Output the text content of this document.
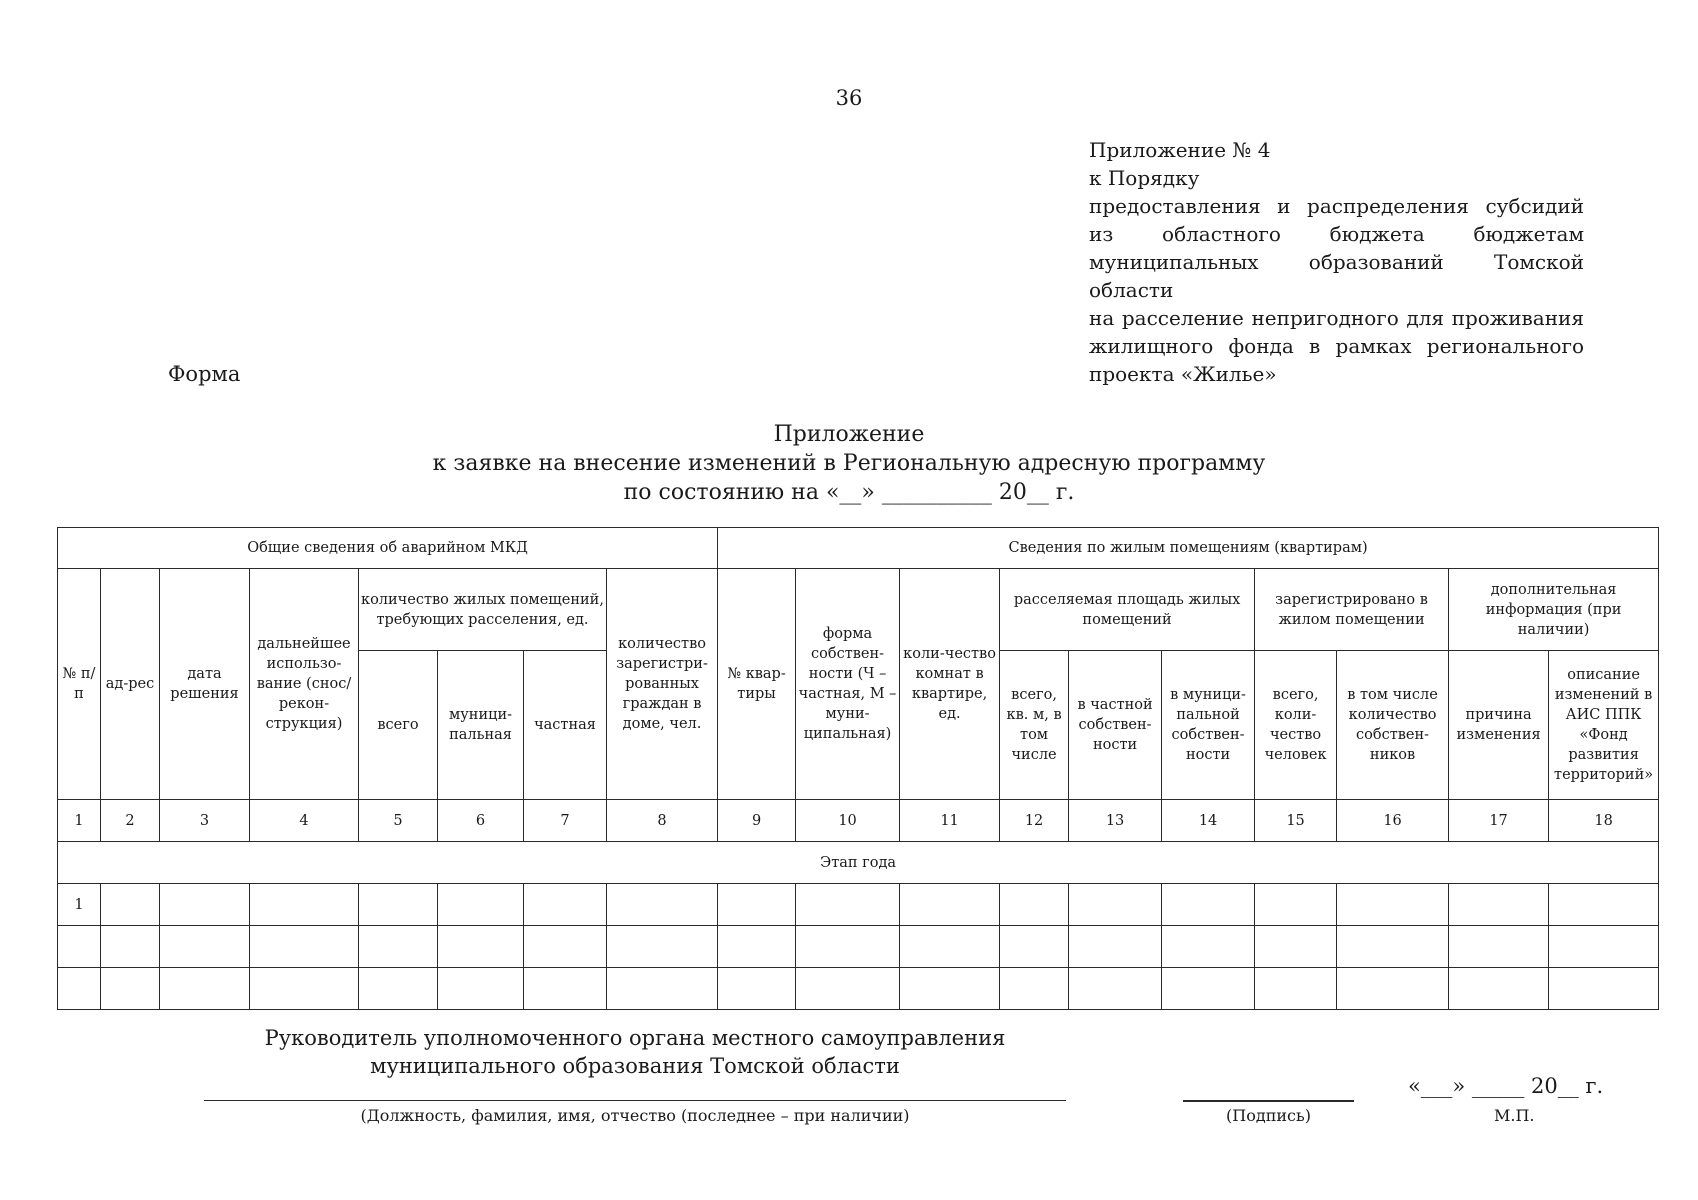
36
Приложение № 4
к Порядку
предоставления и распределения субсидий
из областного бюджета бюджетам
муниципальных образований Томской области
на расселение непригодного для проживания
жилищного фонда в рамках регионального
проекта «Жилье»
Форма
Приложение
к заявке на внесение изменений в Региональную адресную программу
по состоянию на «__» __________ 20__ г.
Общие сведения об аварийном МКД								Сведения по жилым помещениям (квартирам)									
№ п/п	ад-рес	дата решения	дальнейшее использо-вание (снос/ рекон-струкция)	количество жилых помещений, требующих расселения, ед.			количество зарегистри-рованных граждан в доме, чел.	№ квар-тиры	форма собствен-ности (Ч – частная, М – муни-ципальная)	коли-чество комнат в квартире, ед.	расселяемая площадь жилых помещений			зарегистрировано в жилом помещении		дополнительная информация (при наличии)	
				всего	муници-пальная	частная					всего, кв. м, в том числе	в частной собствен-ности	в муници-пальной собствен-ности	всего, коли-чество человек	в том числе количество собствен-ников	причина изменения	описание изменений в АИС ППК «Фонд развития территорий»
1	2	3	4	5	6	7	8	9	10	11	12	13	14	15	16	17	18
Этап года																	
1																	

Руководитель уполномоченного органа местного самоуправления
муниципального образования Томской области
(Должность, фамилия, имя, отчество (последнее – при наличии)	(Подпись)
«___» _____ 20__ г.
М.П.
